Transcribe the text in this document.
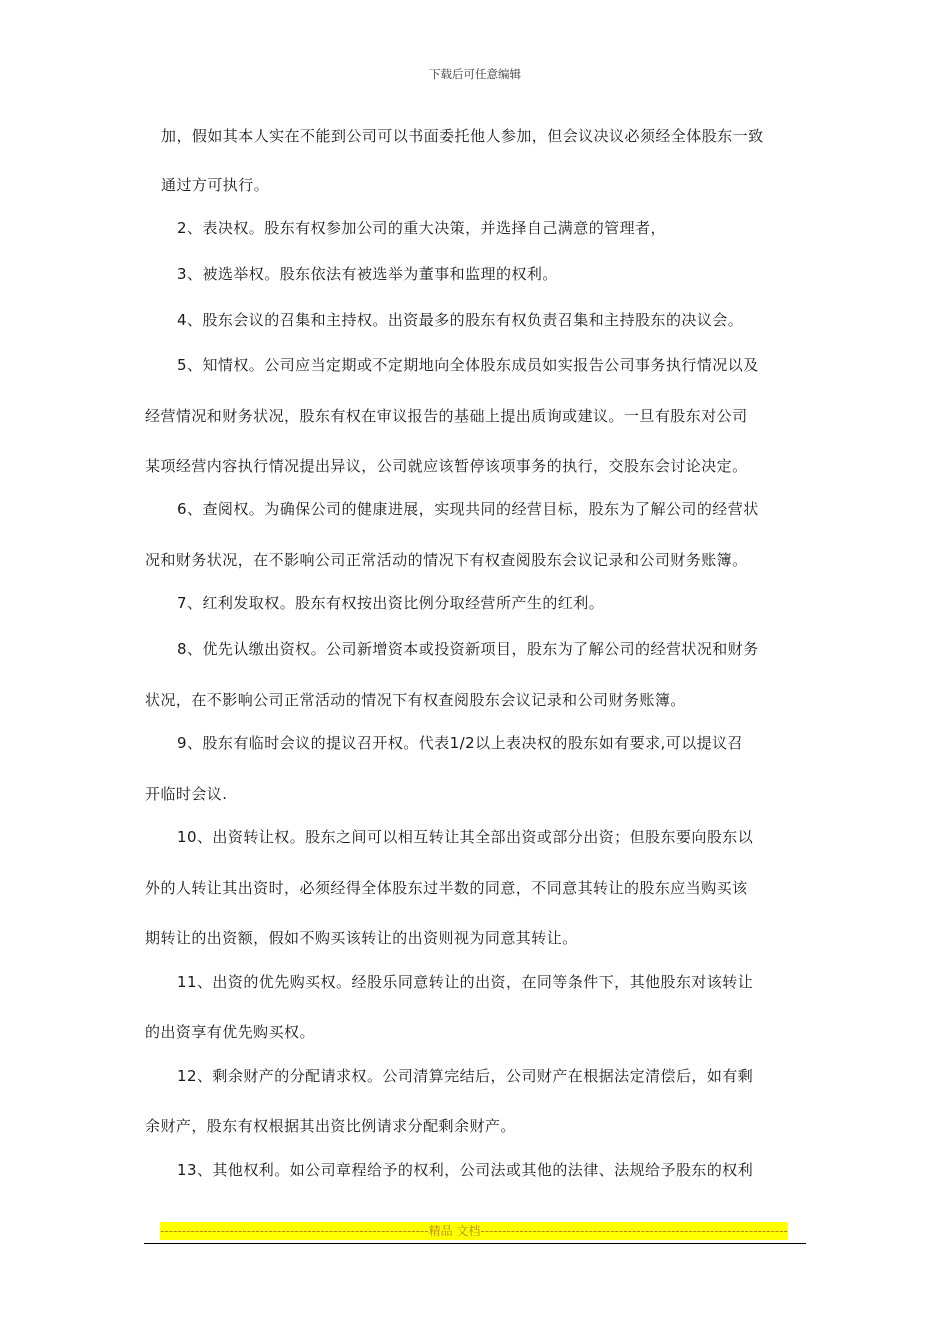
下载后可任意编辑
加，假如其本人实在不能到公司可以书面委托他人参加，但会议决议必须经全体股东一致
通过方可执行。
2、表决权。股东有权参加公司的重大决策，并选择自己满意的管理者，
3、被选举权。股东依法有被选举为董事和监理的权利。
4、股东会议的召集和主持权。出资最多的股东有权负责召集和主持股东的决议会。
5、知情权。公司应当定期或不定期地向全体股东成员如实报告公司事务执行情况以及
经营情况和财务状况，股东有权在审议报告的基础上提出质询或建议。一旦有股东对公司
某项经营内容执行情况提出异议，公司就应该暂停该项事务的执行，交股东会讨论决定。
6、查阅权。为确保公司的健康进展，实现共同的经营目标，股东为了解公司的经营状
况和财务状况，在不影响公司正常活动的情况下有权查阅股东会议记录和公司财务账簿。
7、红利发取权。股东有权按出资比例分取经营所产生的红利。
8、优先认缴出资权。公司新增资本或投资新项目，股东为了解公司的经营状况和财务
状况，在不影响公司正常活动的情况下有权查阅股东会议记录和公司财务账簿。
9、股东有临时会议的提议召开权。代表1/2以上表决权的股东如有要求,可以提议召
开临时会议.
10、出资转让权。股东之间可以相互转让其全部出资或部分出资；但股东要向股东以
外的人转让其出资时，必须经得全体股东过半数的同意，不同意其转让的股东应当购买该
期转让的出资额，假如不购买该转让的出资则视为同意其转让。
11、出资的优先购买权。经股乐同意转让的出资，在同等条件下，其他股东对该转让
的出资享有优先购买权。
12、剩余财产的分配请求权。公司清算完结后，公司财产在根据法定清偿后，如有剩
余财产，股东有权根据其出资比例请求分配剩余财产。
13、其他权利。如公司章程给予的权利，公司法或其他的法律、法规给予股东的权利
--------------------------------------------------------------精品 文档-----------------------------------------------------------------------
